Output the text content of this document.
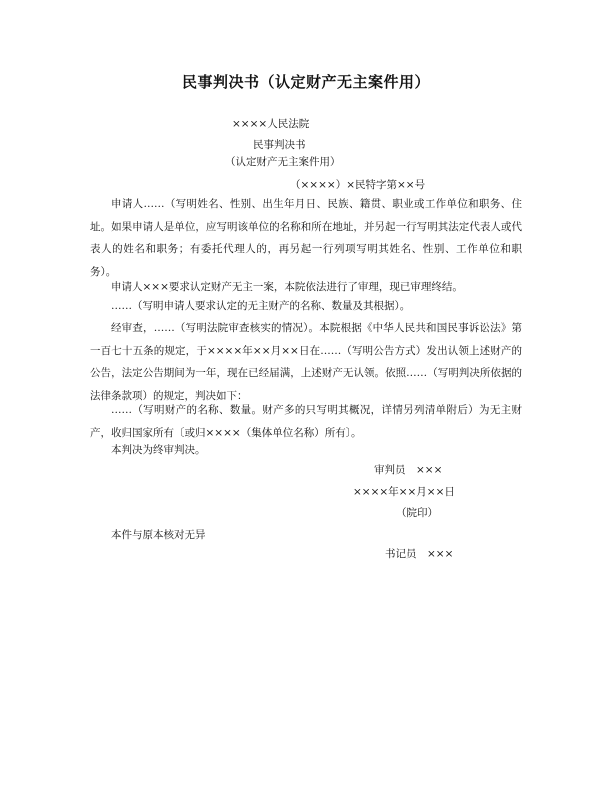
民事判决书（认定财产无主案件用）
××××人民法院
民事判决书
（认定财产无主案件用）
（××××）×民特字第××号
申请人……（写明姓名、性别、出生年月日、民族、籍贯、职业或工作单位和职务、住址。如果申请人是单位，应写明该单位的名称和所在地址，并另起一行写明其法定代表人或代表人的姓名和职务；有委托代理人的，再另起一行列项写明其姓名、性别、工作单位和职务）。
申请人×××要求认定财产无主一案，本院依法进行了审理，现已审理终结。
……（写明申请人要求认定的无主财产的名称、数量及其根据）。
经审查，……（写明法院审查核实的情况）。本院根据《中华人民共和国民事诉讼法》第一百七十五条的规定，于××××年××月××日在……（写明公告方式）发出认领上述财产的公告，法定公告期间为一年，现在已经届满，上述财产无认领。依照……（写明判决所依据的法律条款项）的规定，判决如下：
……（写明财产的名称、数量。财产多的只写明其概况，详情另列清单附后）为无主财产，收归国家所有〔或归××××（集体单位名称）所有〕。
本判决为终审判决。
审判员　×××
××××年××月××日
（院印）
本件与原本核对无异
书记员　×××
